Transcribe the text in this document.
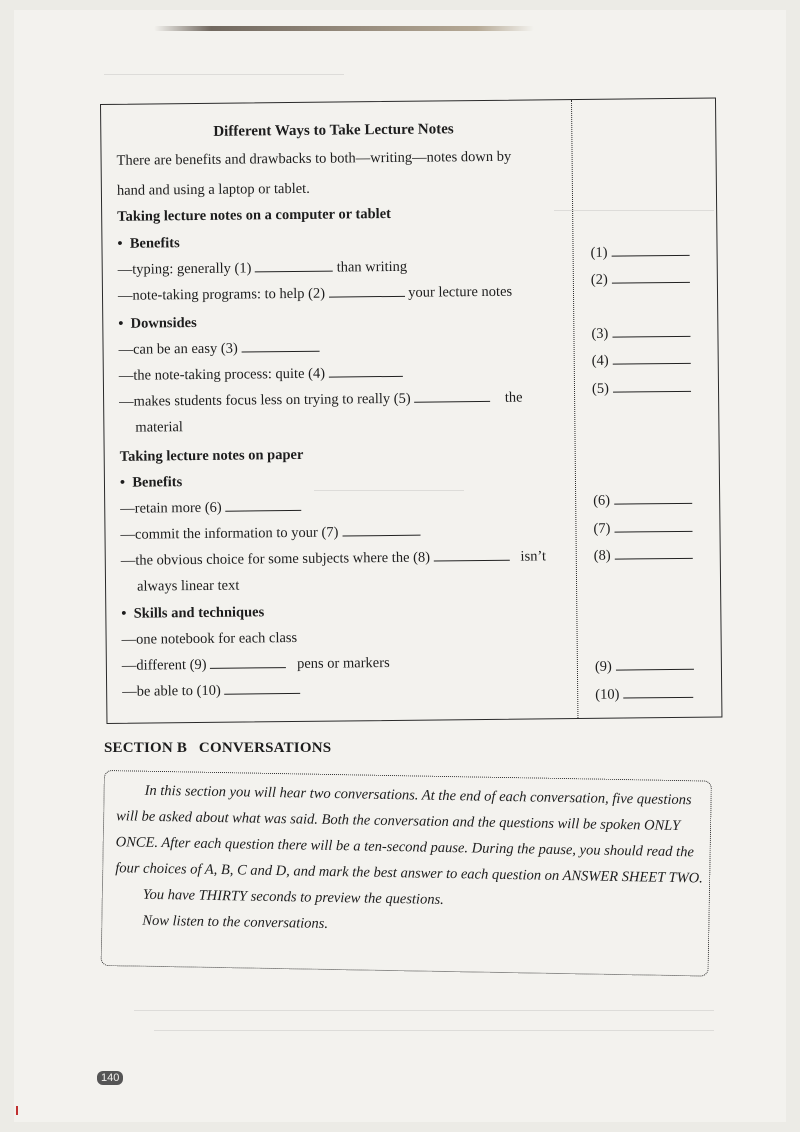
Different Ways to Take Lecture Notes
There are benefits and drawbacks to both—writing—notes down by
hand and using a laptop or tablet.
Taking lecture notes on a computer or tablet
• Benefits
—typing: generally (1)	than writing
—note-taking programs: to help (2)	your lecture notes
• Downsides
—can be an easy (3)
—the note-taking process: quite (4)
—makes students focus less on trying to really (5)	the
material
Taking lecture notes on paper
• Benefits
—retain more (6)
—commit the information to your (7)
—the obvious choice for some subjects where the (8)	isn’t
always linear text
• Skills and techniques
—one notebook for each class
—different (9)	pens or markers
—be able to (10)
(1)
(2)
(3)
(4)
(5)
(6)
(7)
(8)
(9)
(10)
SECTION B   CONVERSATIONS

In this section you will hear two conversations. At the end of each conversation, five questions will be asked about what was said. Both the conversation and the questions will be spoken ONLY ONCE. After each question there will be a ten-second pause. During the pause, you should read the four choices of A, B, C and D, and mark the best answer to each question on ANSWER SHEET TWO.

You have THIRTY seconds to preview the questions.

Now listen to the conversations.

140
